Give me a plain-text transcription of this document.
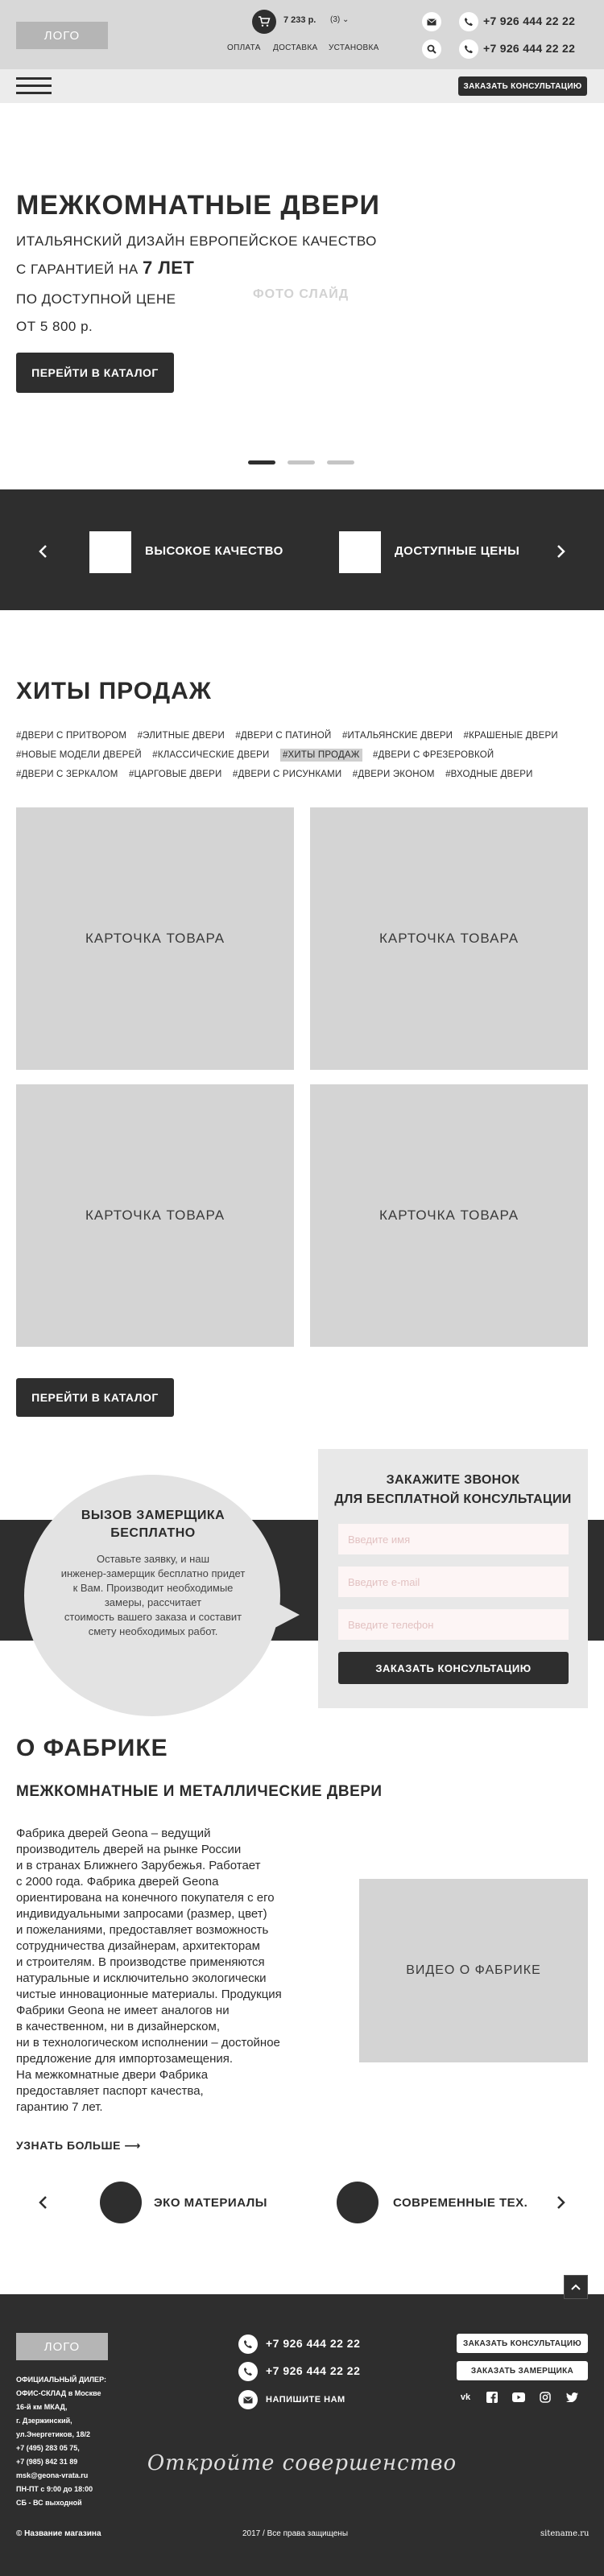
ЛОГО
7 233 р. (3) ⌄
ОПЛАТА ДОСТАВКА УСТАНОВКА
+7 926 444 22 22
+7 926 444 22 22
ЗАКАЗАТЬ КОНСУЛЬТАЦИЮ
МЕЖКОМНАТНЫЕ ДВЕРИ
ИТАЛЬЯНСКИЙ ДИЗАЙН ЕВРОПЕЙСКОЕ КАЧЕСТВО
С ГАРАНТИЕЙ НА 7 ЛЕТ
ПО ДОСТУПНОЙ ЦЕНЕ
ОТ 5 800 р.
ФОТО СЛАЙД
ПЕРЕЙТИ В КАТАЛОГ
ВЫСОКОЕ КАЧЕСТВО	ДОСТУПНЫЕ ЦЕНЫ
ХИТЫ ПРОДАЖ
#ДВЕРИ С ПРИТВОРОМ #ЭЛИТНЫЕ ДВЕРИ #ДВЕРИ С ПАТИНОЙ #ИТАЛЬЯНСКИЕ ДВЕРИ #КРАШЕНЫЕ ДВЕРИ #НОВЫЕ МОДЕЛИ ДВЕРЕЙ #КЛАССИЧЕСКИЕ ДВЕРИ #ХИТЫ ПРОДАЖ #ДВЕРИ С ФРЕЗЕРОВКОЙ #ДВЕРИ С ЗЕРКАЛОМ #ЦАРГОВЫЕ ДВЕРИ #ДВЕРИ С РИСУНКАМИ #ДВЕРИ ЭКОНОМ #ВХОДНЫЕ ДВЕРИ
КАРТОЧКА ТОВАРА	КАРТОЧКА ТОВАРА
КАРТОЧКА ТОВАРА	КАРТОЧКА ТОВАРА
ПЕРЕЙТИ В КАТАЛОГ
ВЫЗОВ ЗАМЕРЩИКА
БЕСПЛАТНО
Оставьте заявку, и наш
инженер-замерщик бесплатно придет
к Вам. Производит необходимые
замеры, рассчитает
стоимость вашего заказа и составит
смету необходимых работ.
ЗАКАЖИТЕ ЗВОНОК
ДЛЯ БЕСПЛАТНОЙ КОНСУЛЬТАЦИИ
Введите имя
Введите e-mail
Введите телефон
ЗАКАЗАТЬ КОНСУЛЬТАЦИЮ
О ФАБРИКЕ
МЕЖКОМНАТНЫЕ И МЕТАЛЛИЧЕСКИЕ ДВЕРИ
Фабрика дверей Geona – ведущий
производитель дверей на рынке России
и в странах Ближнего Зарубежья. Работает
с 2000 года. Фабрика дверей Geona
ориентирована на конечного покупателя с его
индивидуальными запросами (размер, цвет)
и пожеланиями, предоставляет возможность
сотрудничества дизайнерам, архитекторам
и строителям. В производстве применяются
натуральные и исключительно экологически
чистые инновационные материалы. Продукция
Фабрики Geona не имеет аналогов ни
в качественном, ни в дизайнерском,
ни в технологическом исполнении – достойное
предложение для импортозамещения.
На межкомнатные двери Фабрика
предоставляет паспорт качества,
гарантию 7 лет.
ВИДЕО О ФАБРИКЕ
УЗНАТЬ БОЛЬШЕ ⟶
ЭКО МАТЕРИАЛЫ	СОВРЕМЕННЫЕ ТЕХ.
ЛОГО
ОФИЦИАЛЬНЫЙ ДИЛЕР:
ОФИС-СКЛАД в Москве
16-й км МКАД,
г. Дзержинский,
ул.Энергетиков, 18/2
+7 (495) 283 05 75,
+7 (985) 842 31 89
msk@geona-vrata.ru
ПН-ПТ с 9:00 до 18:00
СБ - ВС выходной
+7 926 444 22 22
+7 926 444 22 22
НАПИШИТЕ НАМ
ЗАКАЗАТЬ КОНСУЛЬТАЦИЮ
ЗАКАЗАТЬ ЗАМЕРЩИКА
vk
Откройте совершенство
© Название магазина	2017 / Все права защищены	sitename.ru
